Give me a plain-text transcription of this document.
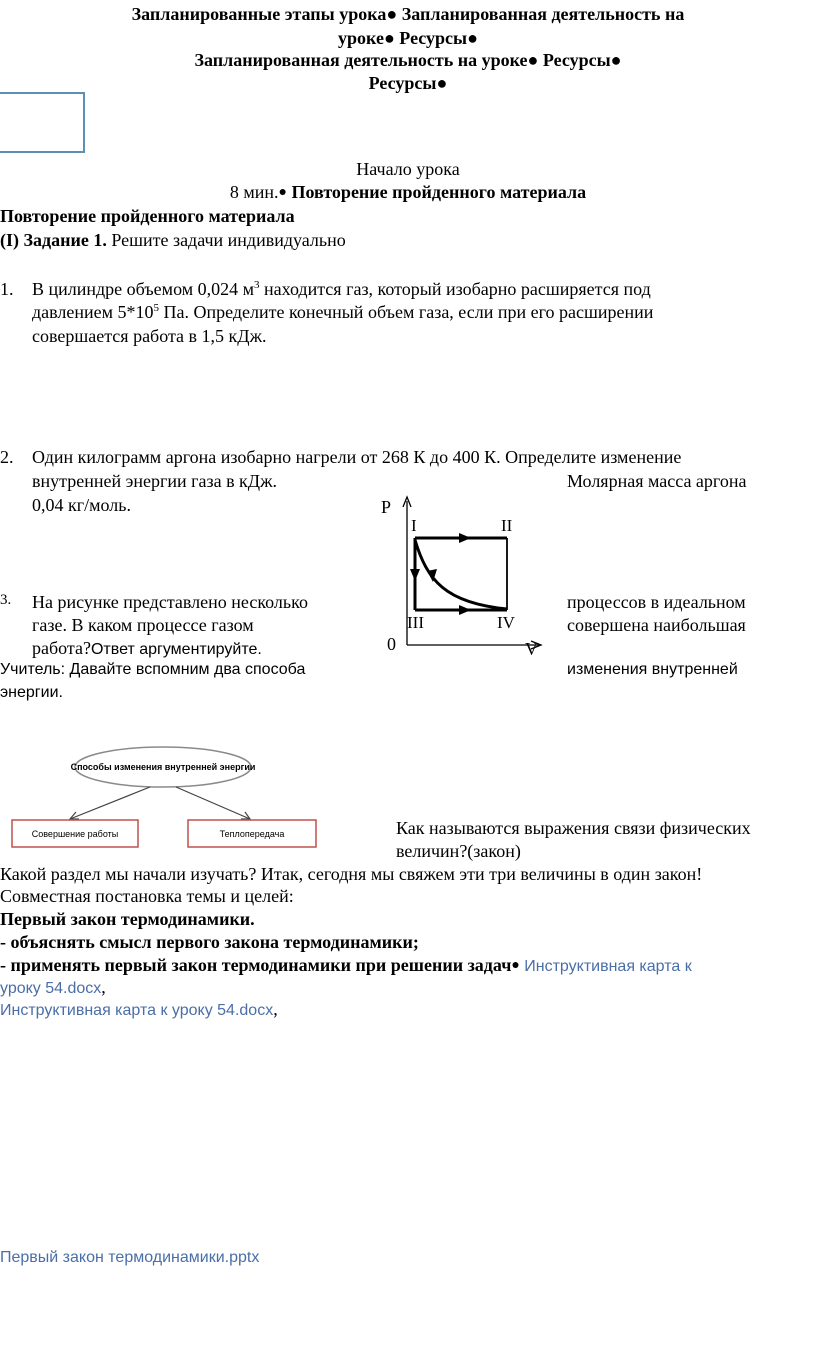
Запланированные этапы урока● Запланированная деятельность на
уроке● Ресурсы●
Запланированная деятельность на уроке● Ресурсы●
Ресурсы●
Начало урока
8 мин.● Повторение пройденного материала
Повторение пройденного материала
(I) Задание 1. Решите задачи индивидуально
1. В цилиндре объемом 0,024 $м^3$ находится газ, который изобарно расширяется под
давлением $5*10^5$ Па. Определите конечный объем газа, если при его расширении
совершается работа в 1,5 кДж.
2. Один килограмм аргона изобарно нагрели от 268 К до 400 К. Определите изменение
внутренней энергии газа в кДж.	Молярная масса аргона
0,04 кг/моль.	P
V
0
I	II
III	IV
3. На рисунке представлено несколько	процессов в идеальном
газе. В каком процессе газом	совершена наибольшая
работа?Ответ аргументируйте.
Учитель: Давайте вспомним два способа	изменения внутренней
энергии.
Способы изменения внутренней энергии
Совершение работы	Теплопередача	Как называются выражения связи физических
величин?(закон)
Какой раздел мы начали изучать? Итак, сегодня мы свяжем эти три величины в один закон!
Совместная постановка темы и целей:
Первый закон термодинамики.
- объяснять смысл первого закона термодинамики;
- применять первый закон термодинамики при решении задач● Инструктивная карта к
уроку 54.docx,
Инструктивная карта к уроку 54.docx,
Первый закон термодинамики.pptx
